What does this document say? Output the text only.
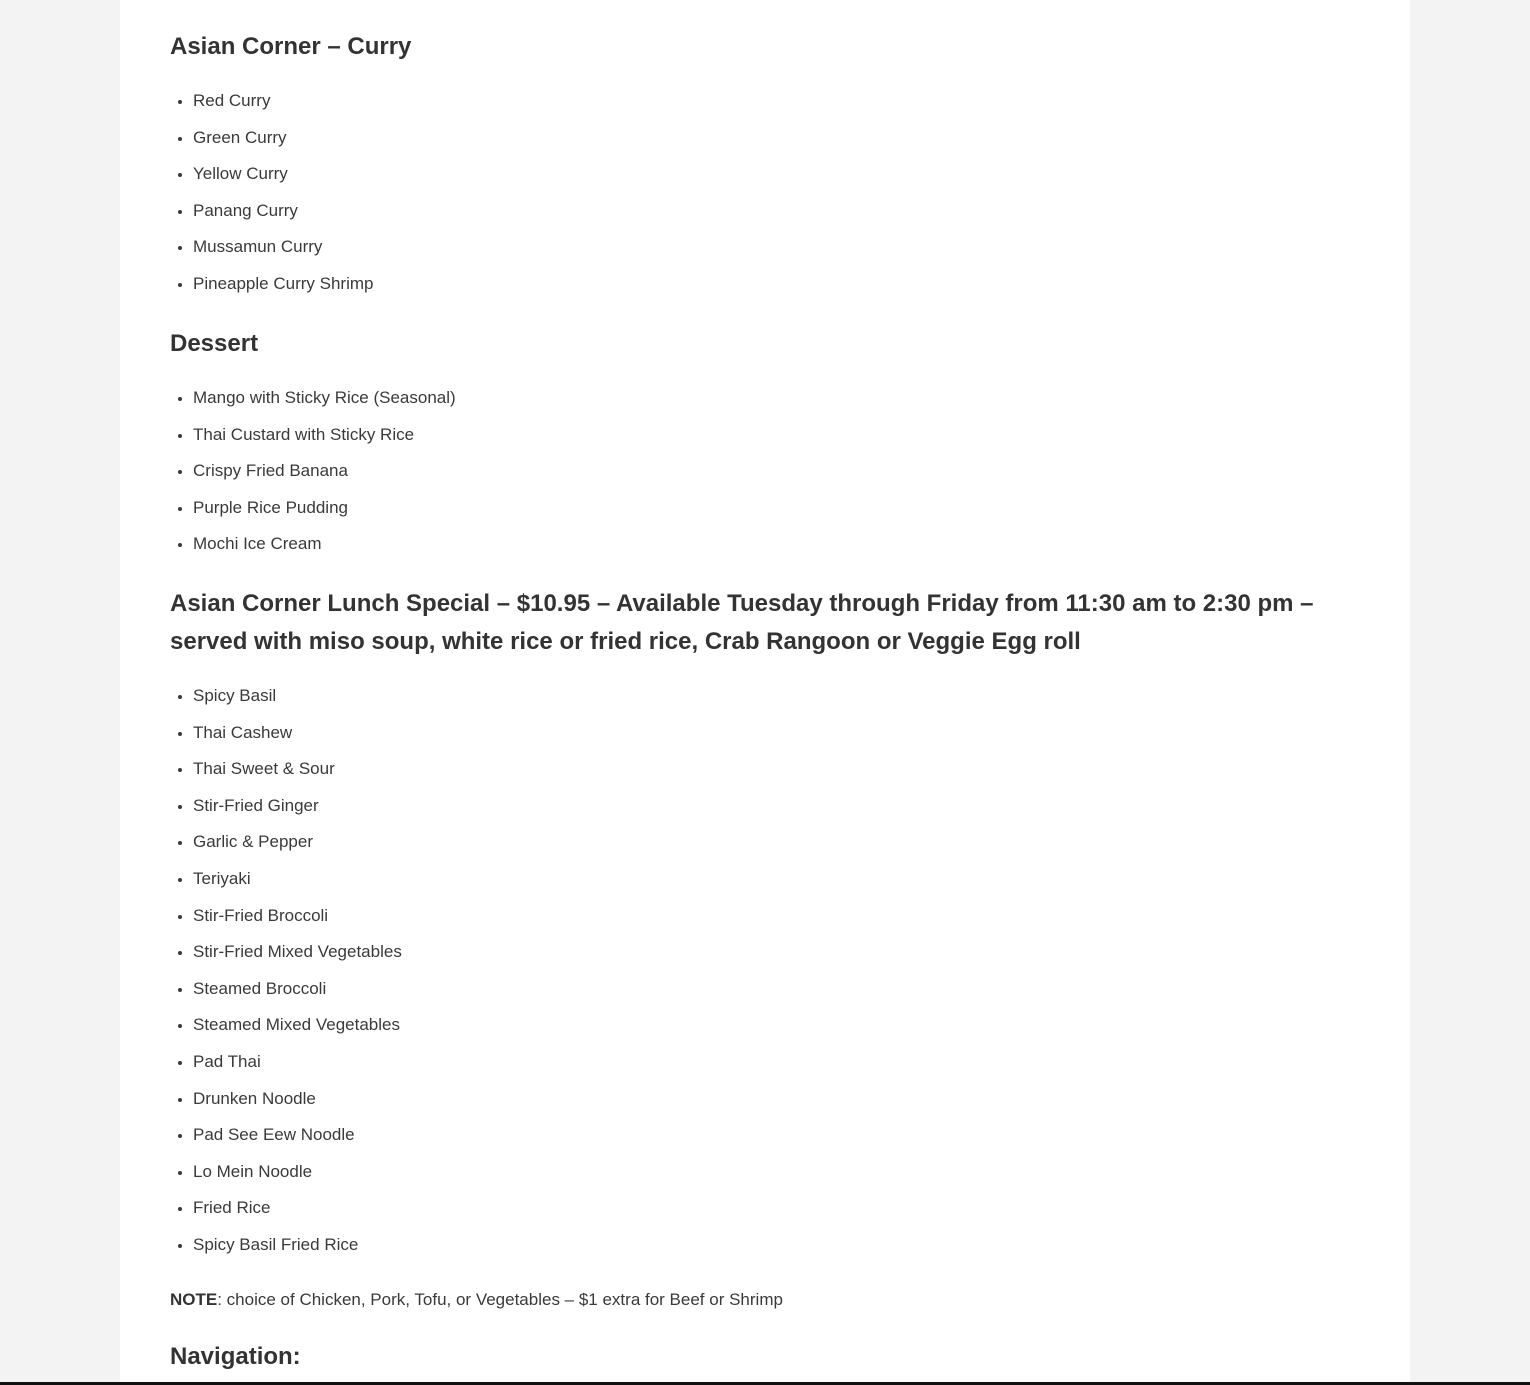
Asian Corner – Curry
• Red Curry
• Green Curry
• Yellow Curry
• Panang Curry
• Mussamun Curry
• Pineapple Curry Shrimp
Dessert
• Mango with Sticky Rice (Seasonal)
• Thai Custard with Sticky Rice
• Crispy Fried Banana
• Purple Rice Pudding
• Mochi Ice Cream
Asian Corner Lunch Special – $10.95 – Available Tuesday through Friday from 11:30 am to 2:30 pm – served with miso soup, white rice or fried rice, Crab Rangoon or Veggie Egg roll
• Spicy Basil
• Thai Cashew
• Thai Sweet & Sour
• Stir-Fried Ginger
• Garlic & Pepper
• Teriyaki
• Stir-Fried Broccoli
• Stir-Fried Mixed Vegetables
• Steamed Broccoli
• Steamed Mixed Vegetables
• Pad Thai
• Drunken Noodle
• Pad See Eew Noodle
• Lo Mein Noodle
• Fried Rice
• Spicy Basil Fried Rice

NOTE: choice of Chicken, Pork, Tofu, or Vegetables – $1 extra for Beef or Shrimp

Navigation:
